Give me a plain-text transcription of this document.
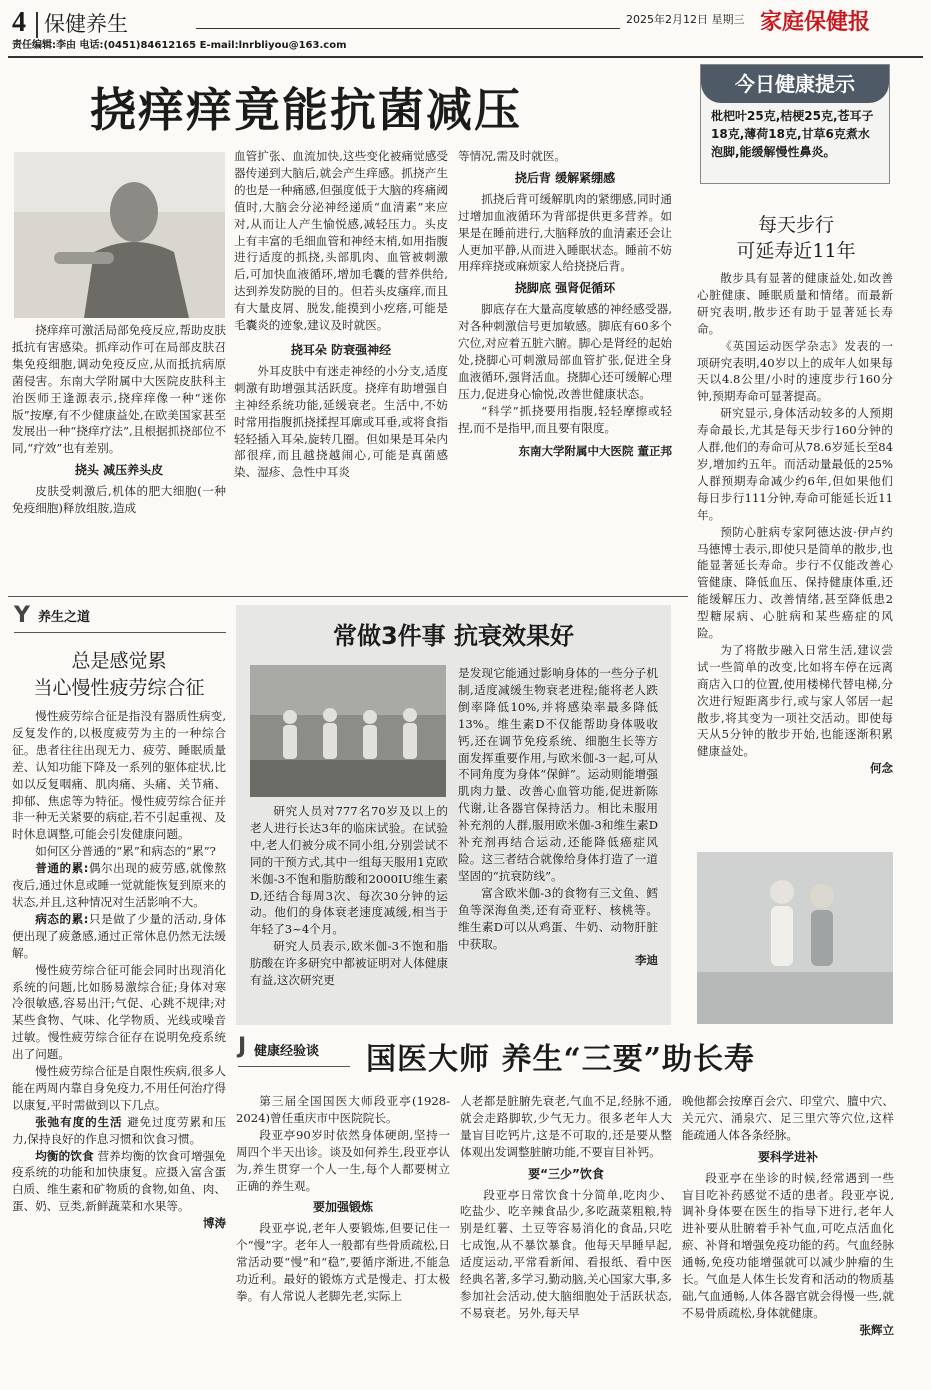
4 保健养生	2025年2月12日 星期三 家庭保健报
责任编辑:李由 电话:(0451)84612165 E-mail:lnrbliyou@163.com
挠痒痒竟能抗菌减压

挠痒痒可激活局部免疫反应,帮助皮肤抵抗有害感染。抓痒动作可在局部皮肤召集免疫细胞,调动免疫反应,从而抵抗病原菌侵害。东南大学附属中大医院皮肤科主治医师王逢源表示,挠痒痒像一种“迷你版”按摩,有不少健康益处,在欧美国家甚至发展出一种“挠痒疗法”,且根据抓挠部位不同,“疗效”也有差别。

挠头 减压养头皮

皮肤受刺激后,机体的肥大细胞(一种免疫细胞)释放组胺,造成

血管扩张、血流加快,这些变化被痛觉感受器传递到大脑后,就会产生痒感。抓挠产生的也是一种痛感,但强度低于大脑的疼痛阈值时,大脑会分泌神经递质“血清素”来应对,从而让人产生愉悦感,减轻压力。头皮上有丰富的毛细血管和神经末梢,如用指腹进行适度的抓挠,头部肌肉、血管被刺激后,可加快血液循环,增加毛囊的营养供给,达到养发防脱的目的。但若头皮瘙痒,而且有大量皮屑、脱发,能摸到小疙瘩,可能是毛囊炎的迹象,建议及时就医。

挠耳朵 防衰强神经

外耳皮肤中有迷走神经的小分支,适度刺激有助增强其活跃度。挠痒有助增强自主神经系统功能,延缓衰老。生活中,不妨时常用指腹抓挠揉捏耳廓或耳垂,或将食指轻轻插入耳朵,旋转几圈。但如果是耳朵内部很痒,而且越挠越闹心,可能是真菌感染、湿疹、急性中耳炎

等情况,需及时就医。

挠后背 缓解紧绷感

抓挠后背可缓解肌肉的紧绷感,同时通过增加血液循环为背部提供更多营养。如果是在睡前进行,大脑释放的血清素还会让人更加平静,从而进入睡眠状态。睡前不妨用痒痒挠或麻烦家人给挠挠后背。

挠脚底 强肾促循环

脚底存在大量高度敏感的神经感受器,对各种刺激信号更加敏感。脚底有60多个穴位,对应着五脏六腑。脚心是肾经的起始处,挠脚心可刺激局部血管扩张,促进全身血液循环,强肾活血。挠脚心还可缓解心理压力,促进身心愉悦,改善世健康状态。

“科学”抓挠要用指腹,轻轻摩擦或轻捏,而不是指甲,而且要有限度。

东南大学附属中大医院 董正邦
今日健康提示
枇杷叶25克,桔梗25克,苍耳子18克,薄荷18克,甘草6克煮水泡脚,能缓解慢性鼻炎。
每天步行
可延寿近11年

散步具有显著的健康益处,如改善心脏健康、睡眠质量和情绪。而最新研究表明,散步还有助于显著延长寿命。

《英国运动医学杂志》发表的一项研究表明,40岁以上的成年人如果每天以4.8公里/小时的速度步行160分钟,预期寿命可显著提高。

研究显示,身体活动较多的人预期寿命最长,尤其是每天步行160分钟的人群,他们的寿命可从78.6岁延长至84岁,增加约五年。而活动量最低的25%人群预期寿命减少约6年,但如果他们每日步行111分钟,寿命可能延长近11年。

预防心脏病专家阿德达波·伊卢约马德博士表示,即使只是简单的散步,也能显著延长寿命。步行不仅能改善心管健康、降低血压、保持健康体重,还能缓解压力、改善情绪,甚至降低患2型糖尿病、心脏病和某些癌症的风险。

为了将散步融入日常生活,建议尝试一些简单的改变,比如将车停在远离商店入口的位置,使用楼梯代替电梯,分次进行短距离步行,或与家人邻居一起散步,将其变为一项社交活动。即使每天从5分钟的散步开始,也能逐渐积累健康益处。

何念
Y 养生之道
总是感觉累
当心慢性疲劳综合征

慢性疲劳综合征是指没有器质性病变,反复发作的,以极度疲劳为主的一种综合征。患者往往出现无力、疲劳、睡眠质量差、认知功能下降及一系列的躯体症状,比如以反复咽痛、肌肉痛、头痛、关节痛、抑郁、焦虑等为特征。慢性疲劳综合征并非一种无关紧要的病症,若不引起重视、及时休息调整,可能会引发健康问题。

如何区分普通的“累”和病态的“累”?

普通的累:偶尔出现的疲劳感,就像熬夜后,通过休息或睡一觉就能恢复到原来的状态,并且,这种情况对生活影响不大。

病态的累:只是做了少量的活动,身体便出现了疲惫感,通过正常休息仍然无法缓解。

慢性疲劳综合征可能会同时出现消化系统的问题,比如肠易激综合征;身体对寒冷很敏感,容易出汗;气促、心跳不规律;对某些食物、气味、化学物质、光线或噪音过敏。慢性疲劳综合征存在说明免疫系统出了问题。

慢性疲劳综合征是自限性疾病,很多人能在两周内靠自身免疫力,不用任何治疗得以康复,平时需做到以下几点。

张弛有度的生活 避免过度劳累和压力,保持良好的作息习惯和饮食习惯。

均衡的饮食 营养均衡的饮食可增强免疫系统的功能和加快康复。应摄入富含蛋白质、维生素和矿物质的食物,如鱼、肉、蛋、奶、豆类,新鲜蔬菜和水果等。

博涛
常做3件事 抗衰效果好

研究人员对777名70岁及以上的老人进行长达3年的临床试验。在试验中,老人们被分成不同小组,分别尝试不同的干预方式,其中一组每天服用1克欧米伽-3不饱和脂肪酸和2000IU维生素D,还结合每周3次、每次30分钟的运动。他们的身体衰老速度减缓,相当于年轻了3~4个月。

研究人员表示,欧米伽-3不饱和脂肪酸在许多研究中都被证明对人体健康有益,这次研究更

是发现它能通过影响身体的一些分子机制,适度减缓生物衰老进程;能将老人跌倒率降低10%,并将感染率最多降低13%。维生素D不仅能帮助身体吸收钙,还在调节免疫系统、细胞生长等方面发挥重要作用,与欧米伽-3一起,可从不同角度为身体“保鲜”。运动则能增强肌肉力量、改善心血管功能,促进新陈代谢,让各器官保持活力。相比未服用补充剂的人群,服用欧米伽-3和维生素D补充剂再结合运动,还能降低癌症风险。这三者结合就像给身体打造了一道坚固的“抗衰防线”。

富含欧米伽-3的食物有三文鱼、鳕鱼等深海鱼类,还有奇亚籽、核桃等。维生素D可以从鸡蛋、牛奶、动物肝脏中获取。

李迪
J 健康经验谈 国医大师 养生“三要”助长寿

第三届全国国医大师段亚亭(1928-2024)曾任重庆市中医院院长。

段亚亭90岁时依然身体硬朗,坚持一周四个半天出诊。谈及如何养生,段亚亭认为,养生贯穿一个人一生,每个人都要树立正确的养生观。

要加强锻炼

段亚亭说,老年人要锻炼,但要记住一个“慢”字。老年人一般都有些骨质疏松,日常活动要“慢”和“稳”,要循序渐进,不能急功近利。最好的锻炼方式是慢走、打太极拳。有人常说人老脚先老,实际上

人老都是脏腑先衰老,气血不足,经脉不通,就会走路脚软,少气无力。很多老年人大量盲目吃钙片,这是不可取的,还是要从整体观出发调整脏腑功能,不要盲目补钙。

要“三少”饮食

段亚亭日常饮食十分简单,吃肉少、吃盐少、吃辛辣食品少,多吃蔬菜粗粮,特别是红薯、土豆等容易消化的食品,只吃七成饱,从不暴饮暴食。他每天早睡早起,适度运动,平常看新闻、看报纸、看中医经典名著,多学习,勤动脑,关心国家大事,多参加社会活动,使大脑细胞处于活跃状态,不易衰老。另外,每天早

晚他都会按摩百会穴、印堂穴、膻中穴、关元穴、涌泉穴、足三里穴等穴位,这样能疏通人体各条经脉。

要科学进补

段亚亭在坐诊的时候,经常遇到一些盲目吃补药感觉不适的患者。段亚亭说,调补身体要在医生的指导下进行,老年人进补要从肚腑着手补气血,可吃点活血化瘀、补肾和增强免疫功能的药。气血经脉通畅,免疫功能增强就可以减少肿瘤的生长。气血是人体生长发育和活动的物质基础,气血通畅,人体各器官就会得慢一些,就不易骨质疏松,身体就健康。

张辉立
